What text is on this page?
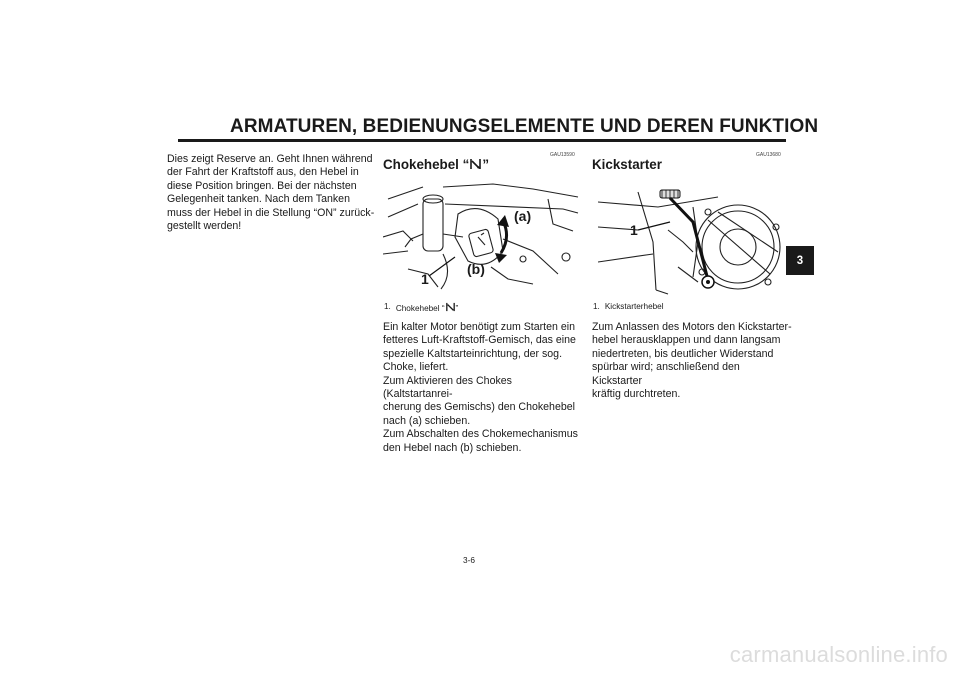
ARMATUREN, BEDIENUNGSELEMENTE UND DEREN FUNKTION
Dies zeigt Reserve an. Geht Ihnen während
der Fahrt der Kraftstoff aus, den Hebel in
diese Position bringen. Bei der nächsten
Gelegenheit tanken. Nach dem Tanken
muss der Hebel in die Stellung “ON” zurück-
gestellt werden!
GAU13590
Chokehebel “ ”
(a)
(b)
1
1. Chokehebel “ ”
Ein kalter Motor benötigt zum Starten ein
fetteres Luft-Kraftstoff-Gemisch, das eine
spezielle Kaltstarteinrichtung, der sog.
Choke, liefert.
Zum Aktivieren des Chokes (Kaltstartanrei-
cherung des Gemischs) den Chokehebel
nach (a) schieben.
Zum Abschalten des Chokemechanismus
den Hebel nach (b) schieben.
GAU13680
Kickstarter
1
1. Kickstarterhebel
Zum Anlassen des Motors den Kickstarter-
hebel herausklappen und dann langsam
niedertreten, bis deutlicher Widerstand
spürbar wird; anschließend den Kickstarter
kräftig durchtreten.
3
3-6
carmanualsonline.info
